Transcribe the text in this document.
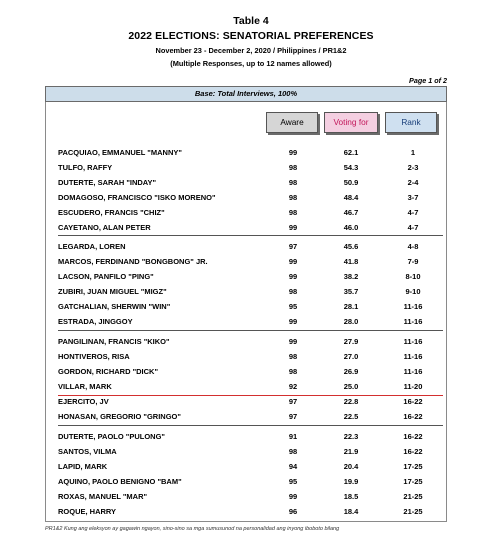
Table 4
2022 ELECTIONS: SENATORIAL PREFERENCES
November 23 - December 2, 2020 / Philippines / PR1&2
(Multiple Responses, up to 12 names allowed)
Page 1 of 2
Base: Total Interviews, 100%
Aware	Voting for	Rank
PACQUIAO, EMMANUEL "MANNY"	99	62.1	1
TULFO, RAFFY	98	54.3	2-3
DUTERTE, SARAH "INDAY"	98	50.9	2-4
DOMAGOSO, FRANCISCO "ISKO MORENO"	98	48.4	3-7
ESCUDERO, FRANCIS "CHIZ"	98	46.7	4-7
CAYETANO, ALAN PETER	99	46.0	4-7
LEGARDA, LOREN	97	45.6	4-8
MARCOS, FERDINAND "BONGBONG" JR.	99	41.8	7-9
LACSON, PANFILO "PING"	99	38.2	8-10
ZUBIRI, JUAN MIGUEL "MIGZ"	98	35.7	9-10
GATCHALIAN, SHERWIN "WIN"	95	28.1	11-16
ESTRADA, JINGGOY	99	28.0	11-16
PANGILINAN, FRANCIS "KIKO"	99	27.9	11-16
HONTIVEROS, RISA	98	27.0	11-16
GORDON, RICHARD "DICK"	98	26.9	11-16
VILLAR, MARK	92	25.0	11-20
EJERCITO, JV	97	22.8	16-22
HONASAN, GREGORIO "GRINGO"	97	22.5	16-22
DUTERTE, PAOLO "PULONG"	91	22.3	16-22
SANTOS, VILMA	98	21.9	16-22
LAPID, MARK	94	20.4	17-25
AQUINO, PAOLO BENIGNO "BAM"	95	19.9	17-25
ROXAS, MANUEL "MAR"	99	18.5	21-25
ROQUE, HARRY	96	18.4	21-25
PR1&2 Kung ang eleksyon ay gagawin ngayon, sino-sino sa mga sumusunod na personalidad ang inyong iboboto bilang
